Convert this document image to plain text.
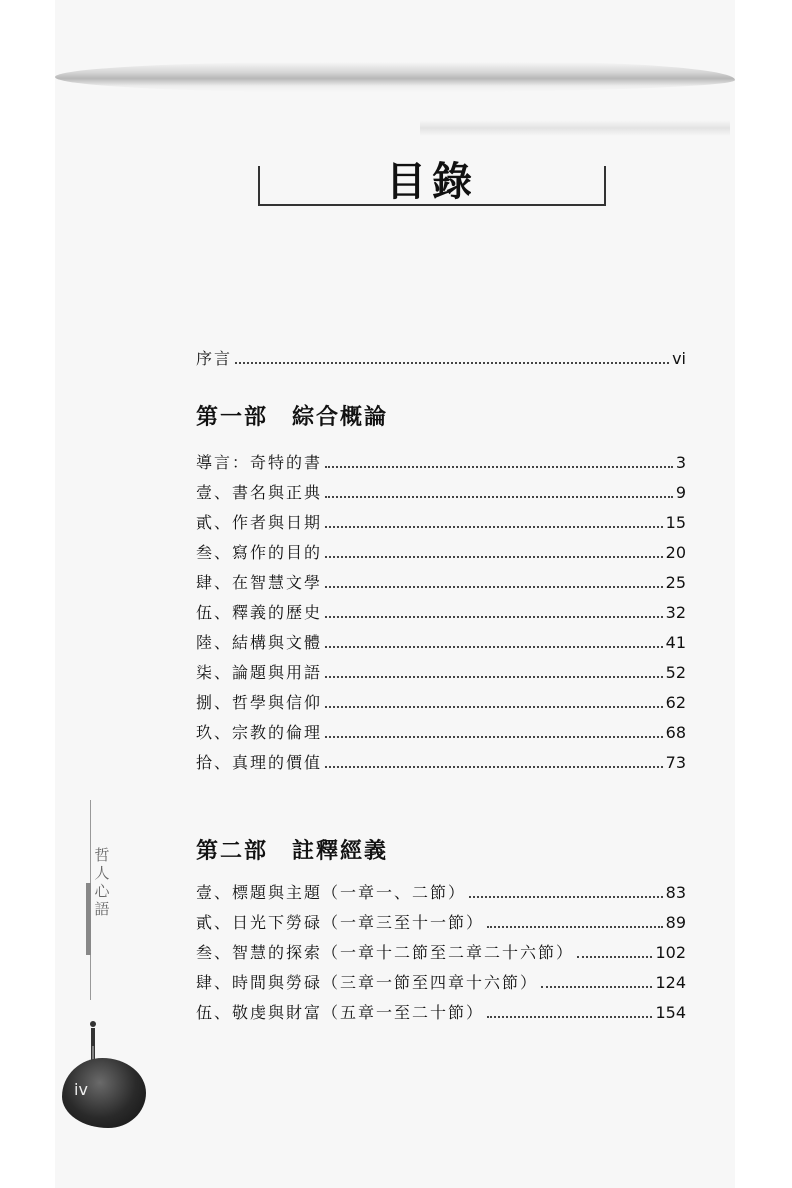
目錄
序言	vi
第一部 綜合概論
導言：奇特的書	3
壹、書名與正典	9
貳、作者與日期	15
叁、寫作的目的	20
肆、在智慧文學	25
伍、釋義的歷史	32
陸、結構與文體	41
柒、論題與用語	52
捌、哲學與信仰	62
玖、宗教的倫理	68
拾、真理的價值	73
第二部 註釋經義
壹、標題與主題（一章一、二節）	83
貳、日光下勞碌（一章三至十一節）	89
叁、智慧的探索（一章十二節至二章二十六節）	102
肆、時間與勞碌（三章一節至四章十六節）	124
伍、敬虔與財富（五章一至二十節）	154
哲
人
心
語
iv
